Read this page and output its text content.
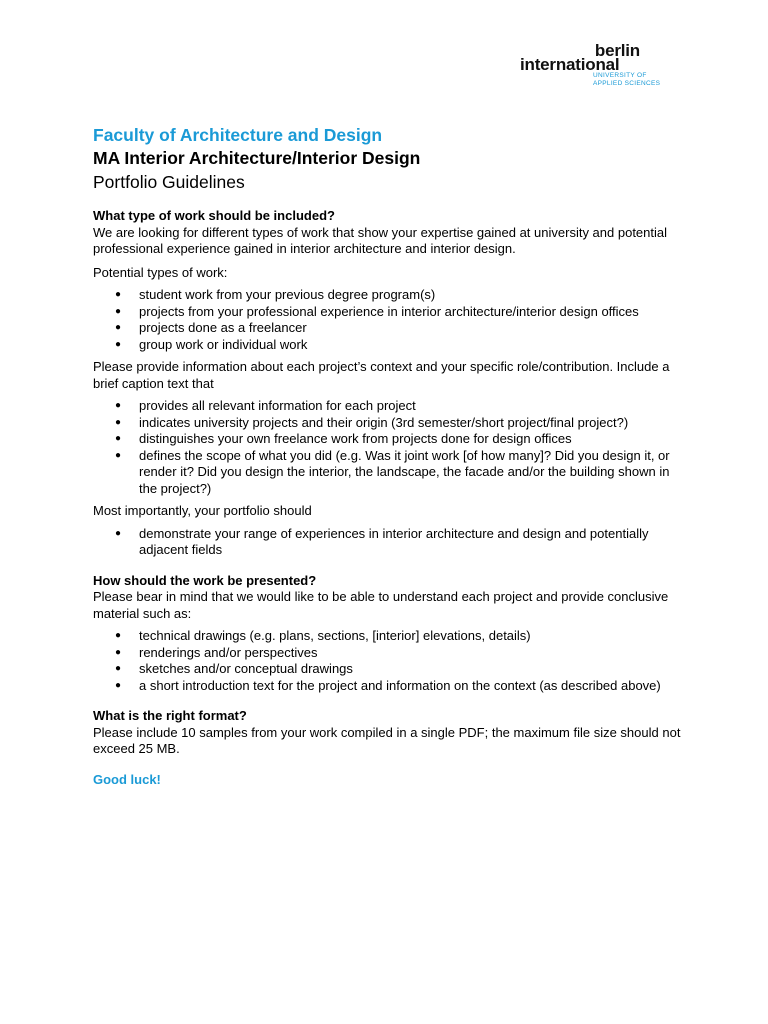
berlin
international
UNIVERSITY OF
APPLIED SCIENCES
Faculty of Architecture and Design
MA Interior Architecture/Interior Design
Portfolio Guidelines

What type of work should be included?

We are looking for different types of work that show your expertise gained at university and potential professional experience gained in interior architecture and interior design.

Potential types of work:

● student work from your previous degree program(s)
● projects from your professional experience in interior architecture/interior design offices
● projects done as a freelancer
● group work or individual work

Please provide information about each project’s context and your specific role/contribution. Include a brief caption text that

● provides all relevant information for each project
● indicates university projects and their origin (3rd semester/short project/final project?)
● distinguishes your own freelance work from projects done for design offices
● defines the scope of what you did (e.g. Was it joint work [of how many]? Did you design it, or render it? Did you design the interior, the landscape, the facade and/or the building shown in the project?)

Most importantly, your portfolio should

● demonstrate your range of experiences in interior architecture and design and potentially adjacent fields

How should the work be presented?

Please bear in mind that we would like to be able to understand each project and provide conclusive material such as:

● technical drawings (e.g. plans, sections, [interior] elevations, details)
● renderings and/or perspectives
● sketches and/or conceptual drawings
● a short introduction text for the project and information on the context (as described above)

What is the right format?

Please include 10 samples from your work compiled in a single PDF; the maximum file size should not exceed 25 MB.

Good luck!
